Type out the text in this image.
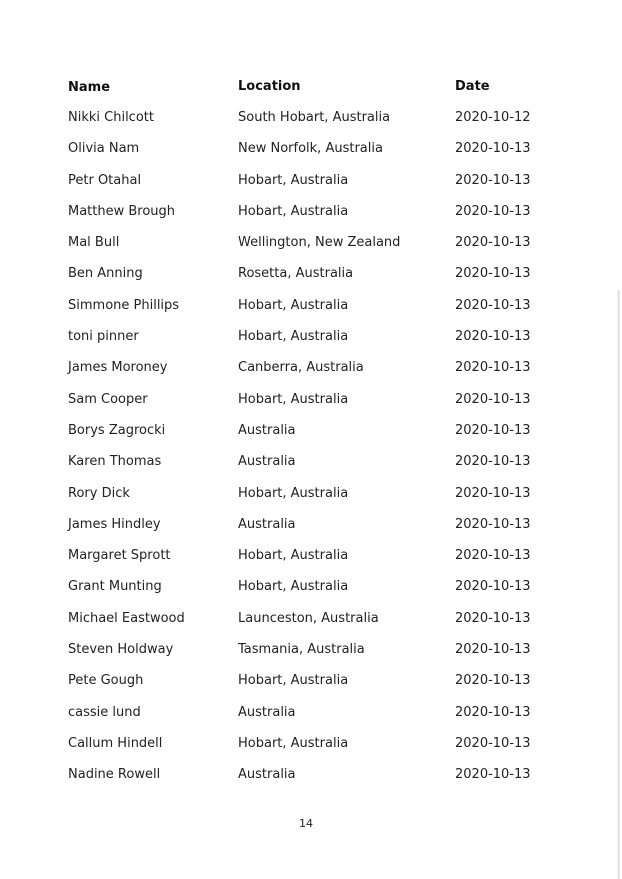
Name	Location	Date
Nikki Chilcott	South Hobart, Australia	2020-10-12
Olivia Nam	New Norfolk, Australia	2020-10-13
Petr Otahal	Hobart, Australia	2020-10-13
Matthew Brough	Hobart, Australia	2020-10-13
Mal Bull	Wellington, New Zealand	2020-10-13
Ben Anning	Rosetta, Australia	2020-10-13
Simmone Phillips	Hobart, Australia	2020-10-13
toni pinner	Hobart, Australia	2020-10-13
James Moroney	Canberra, Australia	2020-10-13
Sam Cooper	Hobart, Australia	2020-10-13
Borys Zagrocki	Australia	2020-10-13
Karen Thomas	Australia	2020-10-13
Rory Dick	Hobart, Australia	2020-10-13
James Hindley	Australia	2020-10-13
Margaret Sprott	Hobart, Australia	2020-10-13
Grant Munting	Hobart, Australia	2020-10-13
Michael Eastwood	Launceston, Australia	2020-10-13
Steven Holdway	Tasmania, Australia	2020-10-13
Pete Gough	Hobart, Australia	2020-10-13
cassie lund	Australia	2020-10-13
Callum Hindell	Hobart, Australia	2020-10-13
Nadine Rowell	Australia	2020-10-13
14
